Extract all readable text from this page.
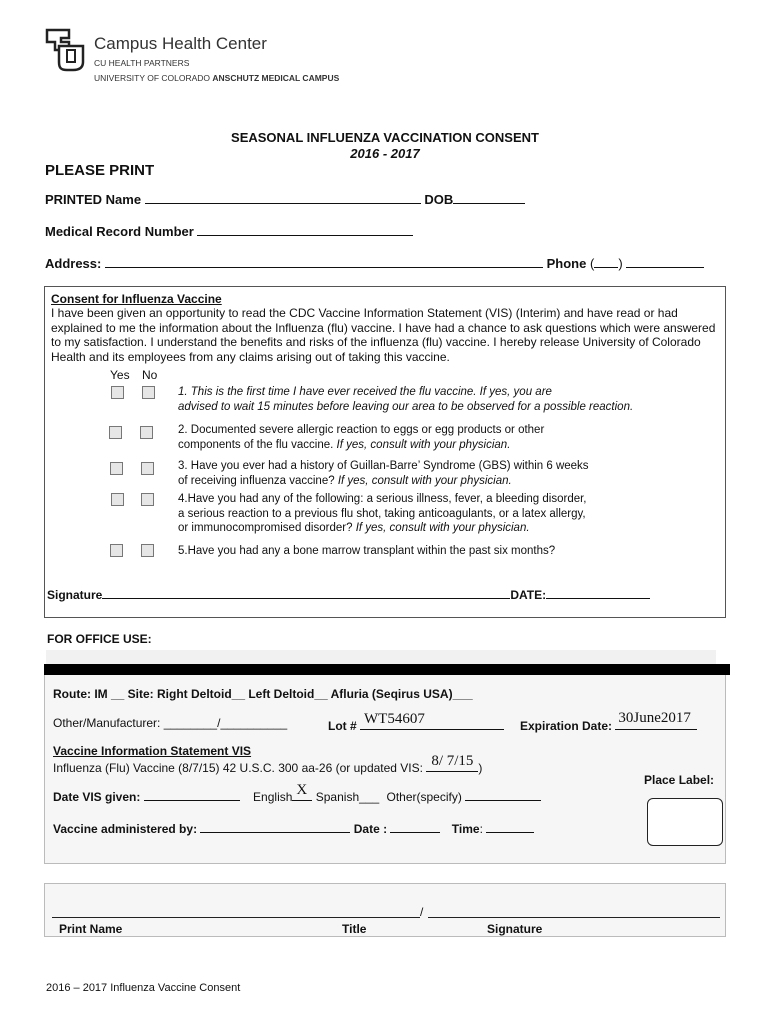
Campus Health Center
CU HEALTH PARTNERS
UNIVERSITY OF COLORADO ANSCHUTZ MEDICAL CAMPUS
SEASONAL INFLUENZA VACCINATION CONSENT
2016 - 2017
PLEASE PRINT
PRINTED Name	DOB
Medical Record Number
Address:	Phone ( )
Consent for Influenza Vaccine
I have been given an opportunity to read the CDC Vaccine Information Statement (VIS) (Interim) and have read or had explained to me the information about the Influenza (flu) vaccine. I have had a chance to ask questions which were answered to my satisfaction. I understand the benefits and risks of the influenza (flu) vaccine. I hereby release University of Colorado Health and its employees from any claims arising out of taking this vaccine.
Yes No
1. This is the first time I have ever received the flu vaccine. If yes, you are
advised to wait 15 minutes before leaving our area to be observed for a possible reaction.
2. Documented severe allergic reaction to eggs or egg products or other
components of the flu vaccine. If yes, consult with your physician.
3. Have you ever had a history of Guillan-Barre’ Syndrome (GBS) within 6 weeks
of receiving influenza vaccine? If yes, consult with your physician.
4.Have you had any of the following: a serious illness, fever, a bleeding disorder,
a serious reaction to a previous flu shot, taking anticoagulants, or a latex allergy,
or immunocompromised disorder? If yes, consult with your physician.
5.Have you had any a bone marrow transplant within the past six months?
Signature	DATE:
FOR OFFICE USE:
Route: IM __ Site: Right Deltoid__ Left Deltoid__ Afluria (Seqirus USA)___
Other/Manufacturer: ________/__________	Lot # WT54607	Expiration Date: 30June2017
Vaccine Information Statement VIS
Influenza (Flu) Vaccine (8/7/15) 42 U.S.C. 300 aa-26 (or updated VIS: 8/ 7/15 )
Place Label:
Date VIS given:	English X Spanish___ Other(specify)
Vaccine administered by:	Date :	Time:
/
Print Name	Title	Signature
2016 – 2017 Influenza Vaccine Consent
